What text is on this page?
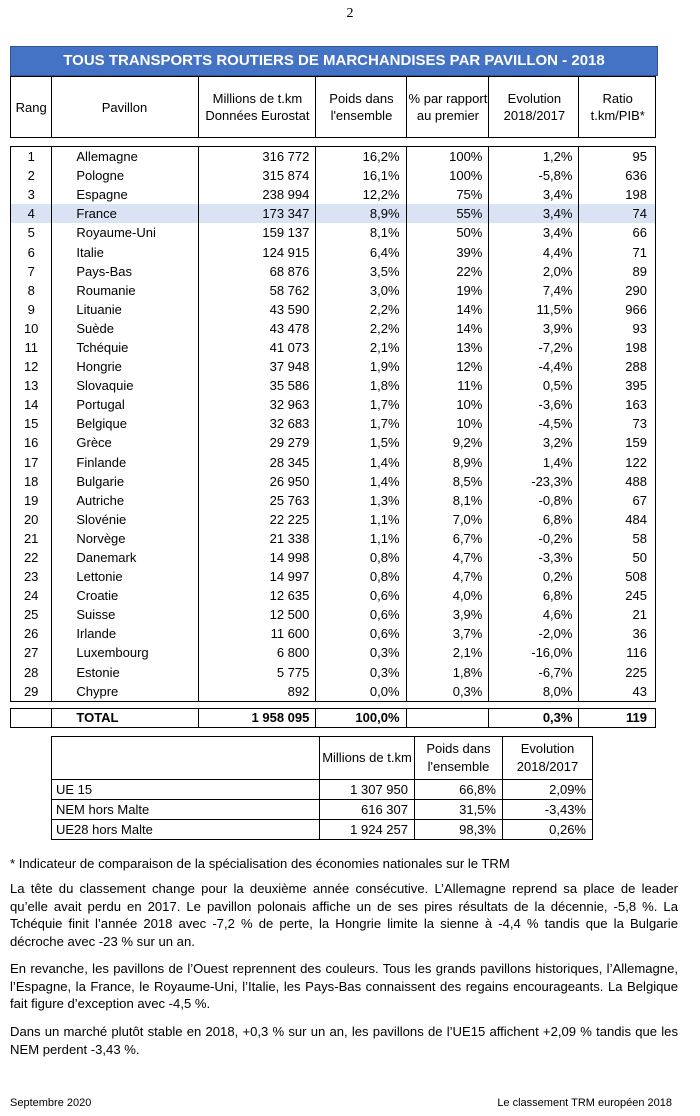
2
TOUS TRANSPORTS ROUTIERS DE MARCHANDISES PAR PAVILLON - 2018
Rang	Pavillon	Millions de t.km Données Eurostat	Poids dans l'ensemble	% par rapport au premier	Evolution 2018/2017	Ratio t.km/PIB*

1	Allemagne	316 772	16,2%	100%	1,2%	95
2	Pologne	315 874	16,1%	100%	-5,8%	636
3	Espagne	238 994	12,2%	75%	3,4%	198
4	France	173 347	8,9%	55%	3,4%	74
5	Royaume-Uni	159 137	8,1%	50%	3,4%	66
6	Italie	124 915	6,4%	39%	4,4%	71
7	Pays-Bas	68 876	3,5%	22%	2,0%	89
8	Roumanie	58 762	3,0%	19%	7,4%	290
9	Lituanie	43 590	2,2%	14%	11,5%	966
10	Suède	43 478	2,2%	14%	3,9%	93
11	Tchéquie	41 073	2,1%	13%	-7,2%	198
12	Hongrie	37 948	1,9%	12%	-4,4%	288
13	Slovaquie	35 586	1,8%	11%	0,5%	395
14	Portugal	32 963	1,7%	10%	-3,6%	163
15	Belgique	32 683	1,7%	10%	-4,5%	73
16	Grèce	29 279	1,5%	9,2%	3,2%	159
17	Finlande	28 345	1,4%	8,9%	1,4%	122
18	Bulgarie	26 950	1,4%	8,5%	-23,3%	488
19	Autriche	25 763	1,3%	8,1%	-0,8%	67
20	Slovénie	22 225	1,1%	7,0%	6,8%	484
21	Norvège	21 338	1,1%	6,7%	-0,2%	58
22	Danemark	14 998	0,8%	4,7%	-3,3%	50
23	Lettonie	14 997	0,8%	4,7%	0,2%	508
24	Croatie	12 635	0,6%	4,0%	6,8%	245
25	Suisse	12 500	0,6%	3,9%	4,6%	21
26	Irlande	11 600	0,6%	3,7%	-2,0%	36
27	Luxembourg	6 800	0,3%	2,1%	-16,0%	116
28	Estonie	5 775	0,3%	1,8%	-6,7%	225
29	Chypre	892	0,0%	0,3%	8,0%	43

	TOTAL	1 958 095	100,0%		0,3%	119
	Millions de t.km	Poids dans l'ensemble	Evolution 2018/2017
UE 15	1 307 950	66,8%	2,09%
NEM hors Malte	616 307	31,5%	-3,43%
UE28 hors Malte	1 924 257	98,3%	0,26%
* Indicateur de comparaison de la spécialisation des économies nationales sur le TRM
La tête du classement change pour la deuxième année consécutive. L’Allemagne reprend sa place de leader qu’elle avait perdu en 2017. Le pavillon polonais affiche un de ses pires résultats de la décennie, -5,8 %. La Tchéquie finit l’année 2018 avec -7,2 % de perte, la Hongrie limite la sienne à -4,4 % tandis que la Bulgarie décroche avec -23 % sur un an.
En revanche, les pavillons de l’Ouest reprennent des couleurs. Tous les grands pavillons historiques, l’Allemagne, l’Espagne, la France, le Royaume-Uni, l’Italie, les Pays-Bas connaissent des regains encourageants. La Belgique fait figure d’exception avec -4,5 %.
Dans un marché plutôt stable en 2018, +0,3 % sur un an, les pavillons de l’UE15 affichent +2,09 % tandis que les NEM perdent -3,43 %.
Septembre 2020	Le classement TRM européen 2018
